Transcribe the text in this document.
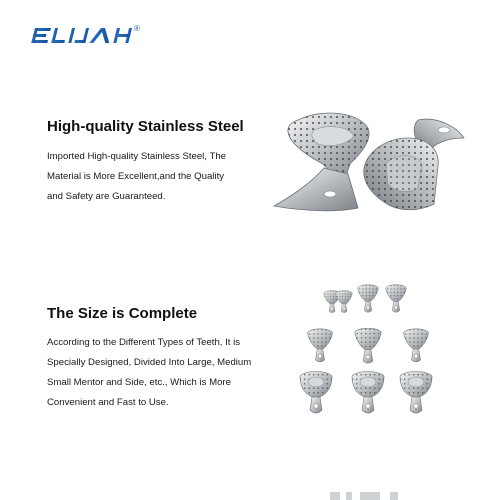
®
High-quality Stainless Steel
Imported High-quality Stainless Steel, The
Material is More Excellent,and the Quality
and Safety are Guaranteed.
The Size is Complete
According to the Different Types of Teeth, It is
Specially Designed, Divided Into Large, Medium
Small Mentor and Side, etc., Which is More
Convenient and Fast to Use.
